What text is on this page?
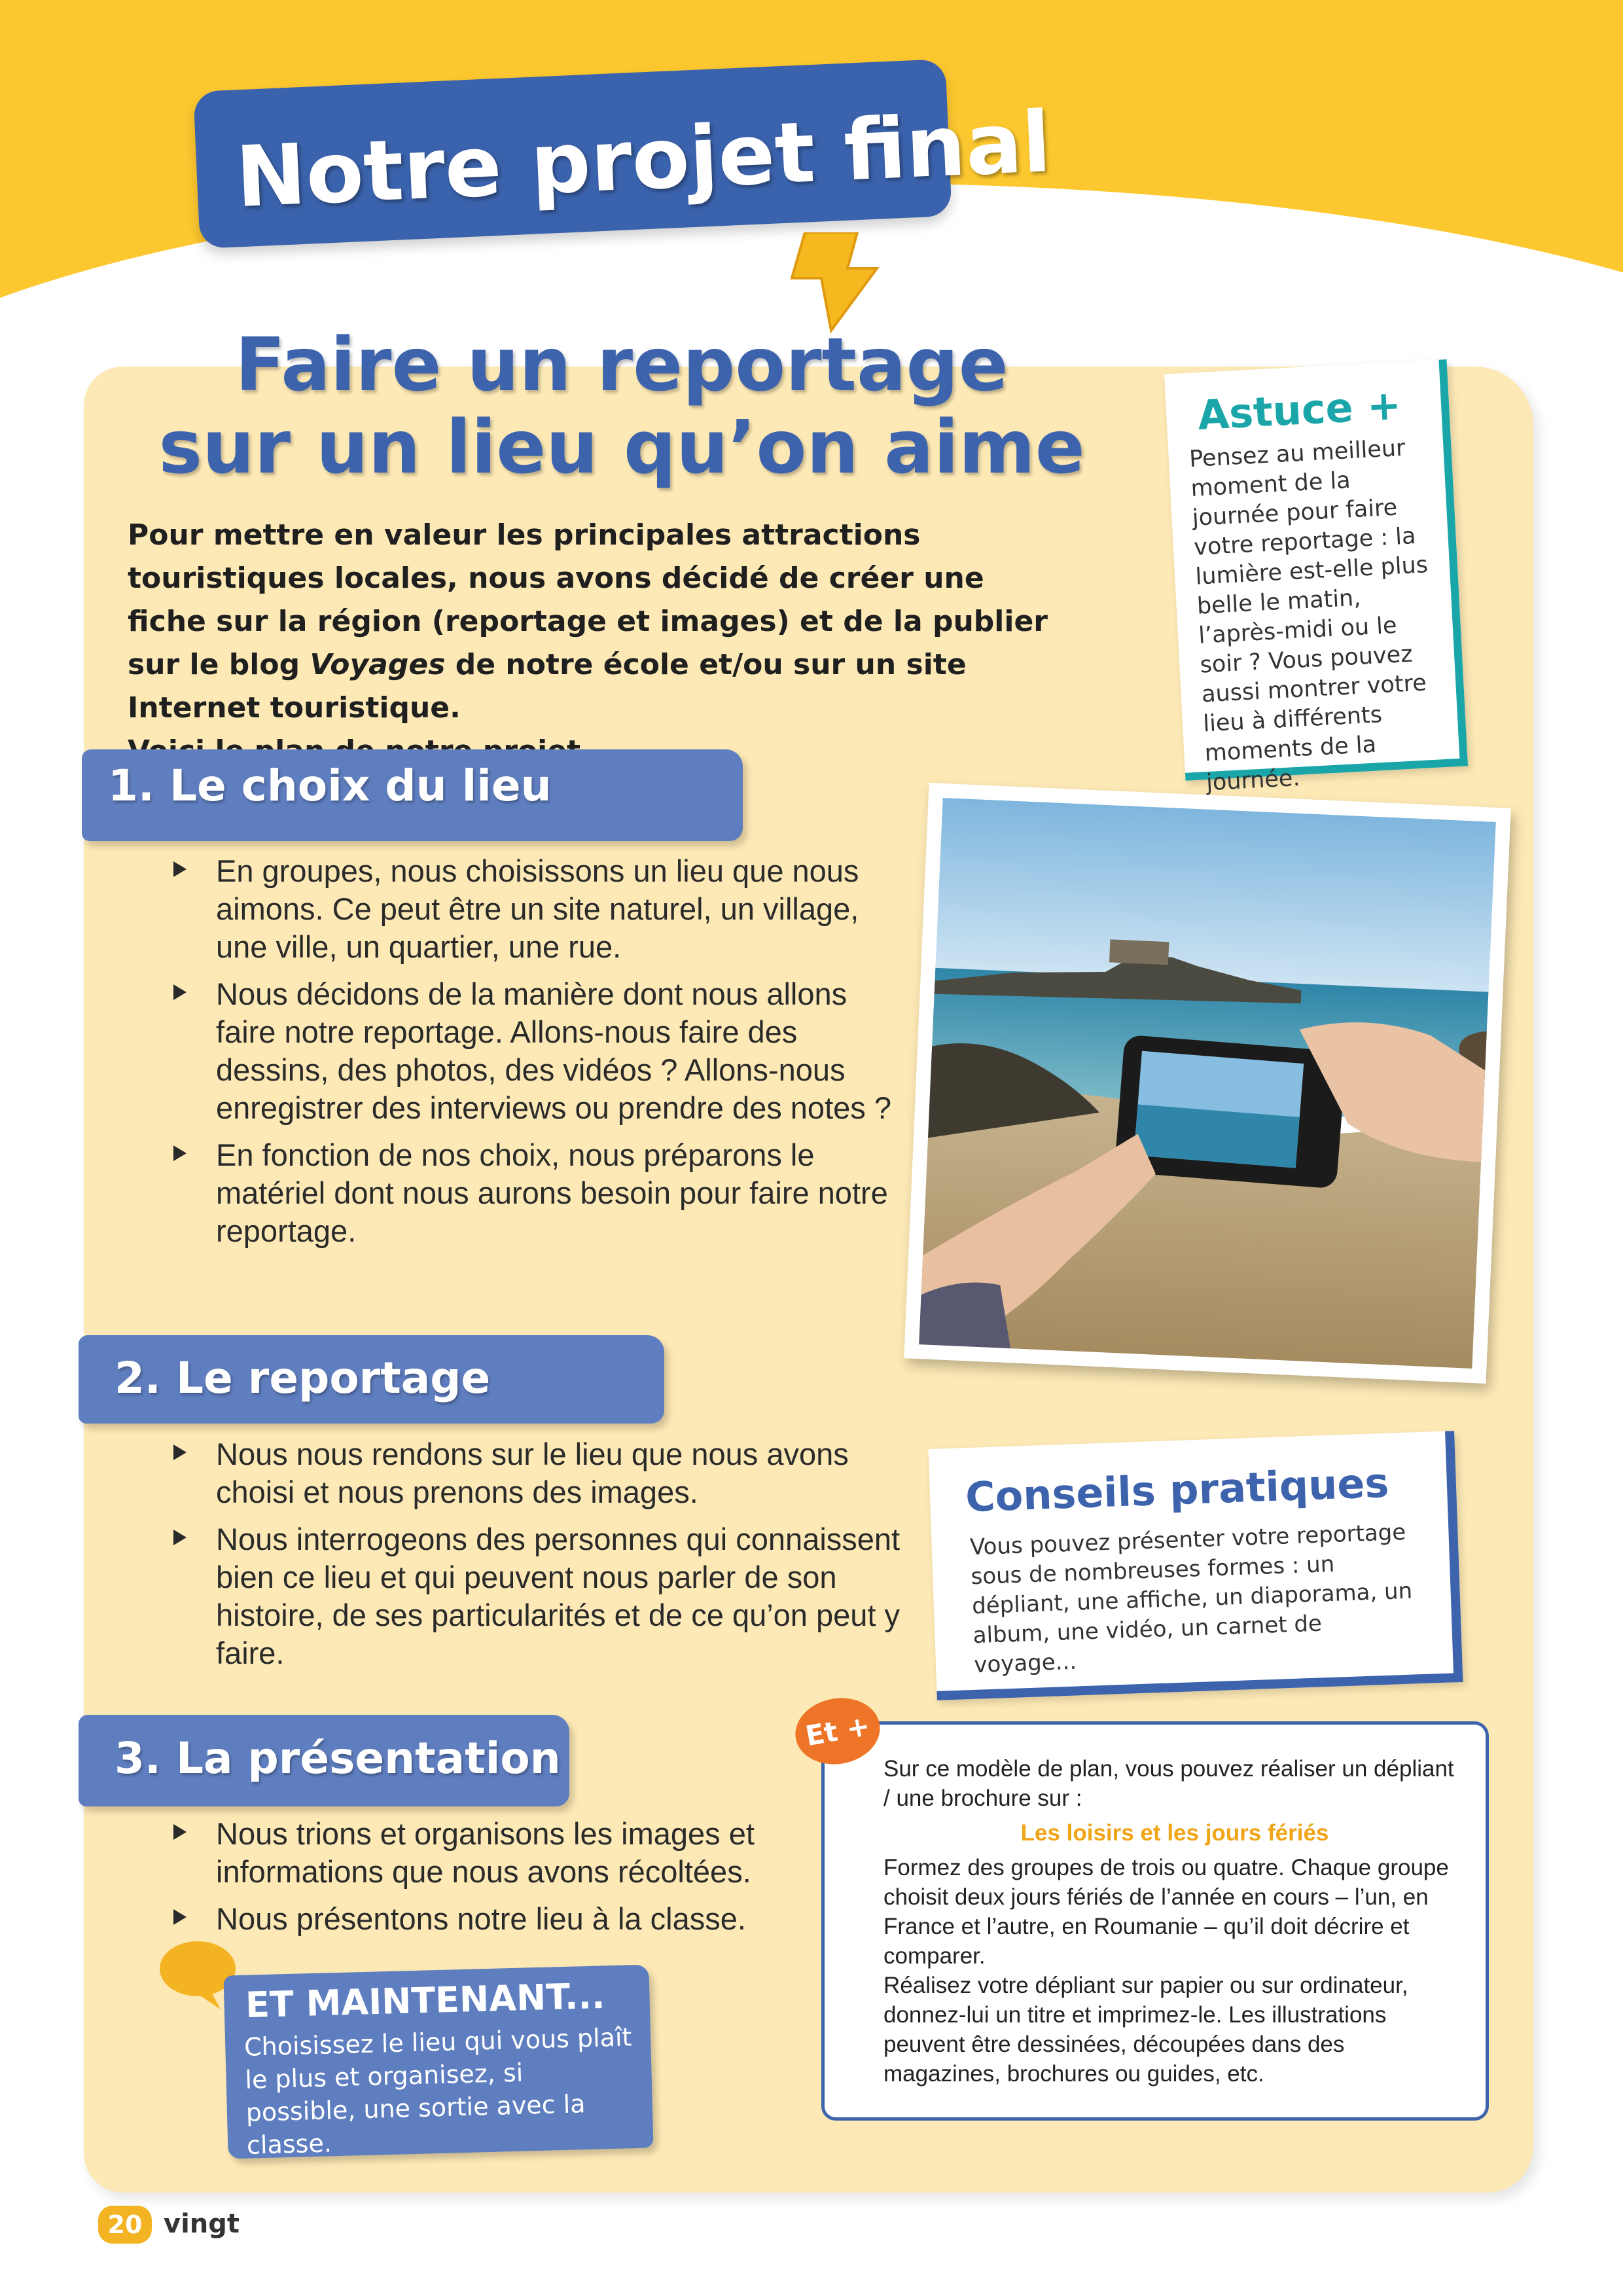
Notre projet final
Faire un reportage
sur un lieu qu’on aime
Pour mettre en valeur les principales attractions touristiques locales, nous avons décidé de créer une fiche sur la région (reportage et images) et de la publier sur le blog Voyages de notre école et/ou sur un site Internet touristique.

1. Le choix du lieu
En groupes, nous choisissons un lieu que nous aimons. Ce peut être un site naturel, un village, une ville, un quartier, une rue.
Nous décidons de la manière dont nous allons faire notre reportage. Allons-nous faire des dessins, des photos, des vidéos ? Allons-nous enregistrer des interviews ou prendre des notes ?
En fonction de nos choix, nous préparons le matériel dont nous aurons besoin pour faire notre reportage.
2. Le reportage
Nous nous rendons sur le lieu que nous avons choisi et nous prenons des images.
Nous interrogeons des personnes qui connaissent bien ce lieu et qui peuvent nous parler de son histoire, de ses particularités et de ce qu’on peut y faire.
3. La présentation
Nous trions et organisons les images et informations que nous avons récoltées.
Nous présentons notre lieu à la classe.
Astuce +
Pensez au meilleur moment de la journée pour faire votre reportage : la lumière est-elle plus belle le matin, l’après-midi ou le soir ? Vous pouvez aussi montrer votre lieu à différents moments de la journée.
Conseils pratiques
Vous pouvez présenter votre reportage sous de nombreuses formes : un dépliant, une affiche, un diaporama, un album, une vidéo, un carnet de voyage...
Et +
Sur ce modèle de plan, vous pouvez réaliser un dépliant / une brochure sur :
Les loisirs et les jours fériés
Formez des groupes de trois ou quatre. Chaque groupe choisit deux jours fériés de l’année en cours – l’un, en France et l’autre, en Roumanie – qu’il doit décrire et comparer.
Réalisez votre dépliant sur papier ou sur ordinateur, donnez-lui un titre et imprimez-le. Les illustrations peuvent être dessinées, découpées dans des magazines, brochures ou guides, etc.
ET MAINTENANT...
Choisissez le lieu qui vous plaît le plus et organisez, si possible, une sortie avec la classe.
20 vingt
